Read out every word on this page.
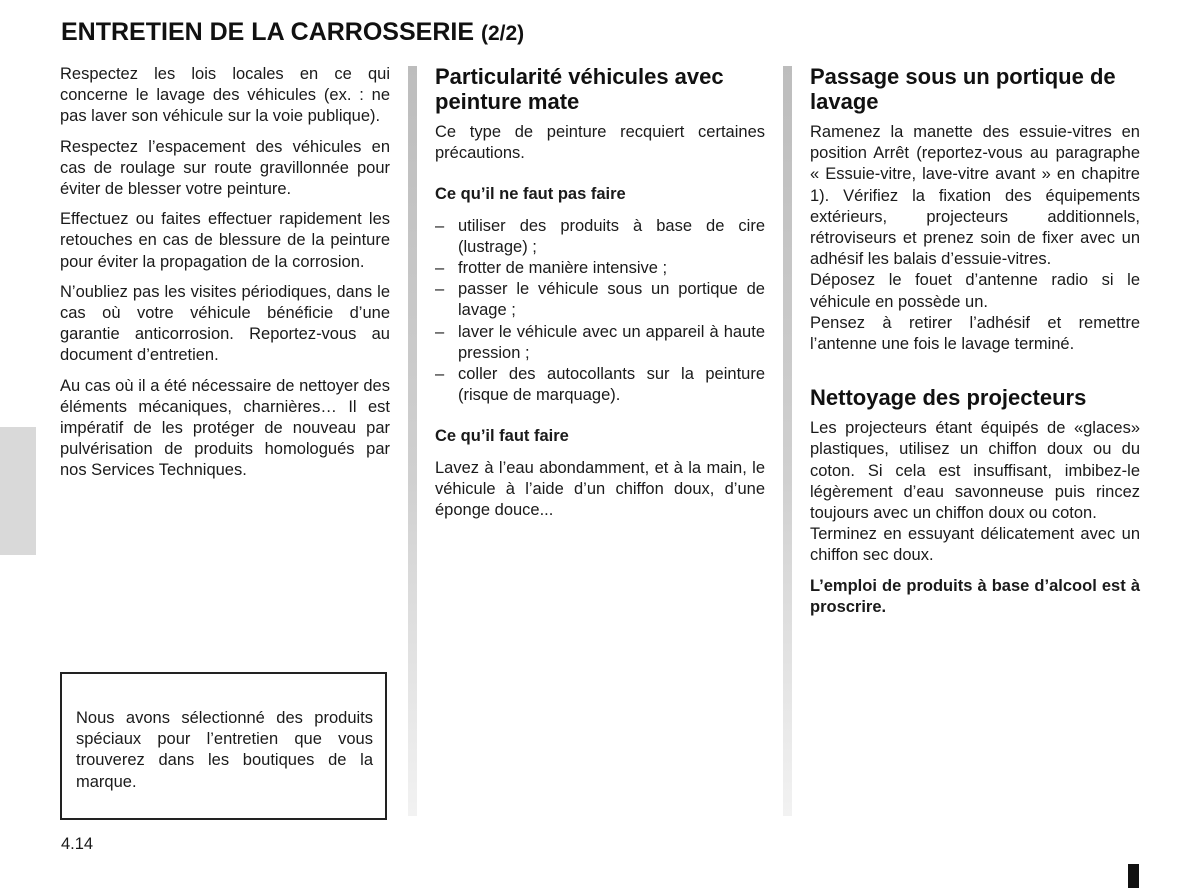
ENTRETIEN DE LA CARROSSERIE (2/2)

Respectez les lois locales en ce qui concerne le lavage des véhicules (ex. : ne pas laver son véhicule sur la voie publique).

Respectez l’espacement des véhicules en cas de roulage sur route gravillonnée pour éviter de blesser votre peinture.

Effectuez ou faites effectuer rapidement les retouches en cas de blessure de la peinture pour éviter la propagation de la corrosion.

N’oubliez pas les visites périodiques, dans le cas où votre véhicule bénéficie d’une garantie anticorrosion. Reportez-vous au document d’entretien.

Au cas où il a été nécessaire de nettoyer des éléments mécaniques, charnières… Il est impératif de les protéger de nouveau par pulvérisation de produits homologués par nos Services Techniques.

Nous avons sélectionné des produits spéciaux pour l’entretien que vous trouverez dans les boutiques de la marque.

Particularité véhicules avec peinture mate

Ce type de peinture recquiert certaines précautions.

Ce qu’il ne faut pas faire
– utiliser des produits à base de cire (lustrage) ;
– frotter de manière intensive ;
– passer le véhicule sous un portique de lavage ;
– laver le véhicule avec un appareil à haute pression ;
– coller des autocollants sur la peinture (risque de marquage).
Ce qu’il faut faire

Lavez à l’eau abondamment, et à la main, le véhicule à l’aide d’un chiffon doux, d’une éponge douce...

Passage sous un portique de lavage

Ramenez la manette des essuie-vitres en position Arrêt (reportez-vous au paragraphe « Essuie-vitre, lave-vitre avant » en chapitre 1). Vérifiez la fixation des équipements extérieurs, projecteurs additionnels, rétroviseurs et prenez soin de fixer avec un adhésif les balais d’essuie-vitres.

Déposez le fouet d’antenne radio si le véhicule en possède un.

Pensez à retirer l’adhésif et remettre l’antenne une fois le lavage terminé.

Nettoyage des projecteurs

Les projecteurs étant équipés de «glaces» plastiques, utilisez un chiffon doux ou du coton. Si cela est insuffisant, imbibez-le légèrement d’eau savonneuse puis rincez toujours avec un chiffon doux ou coton.

Terminez en essuyant délicatement avec un chiffon sec doux.

L’emploi de produits à base d’alcool est à proscrire.

4.14
